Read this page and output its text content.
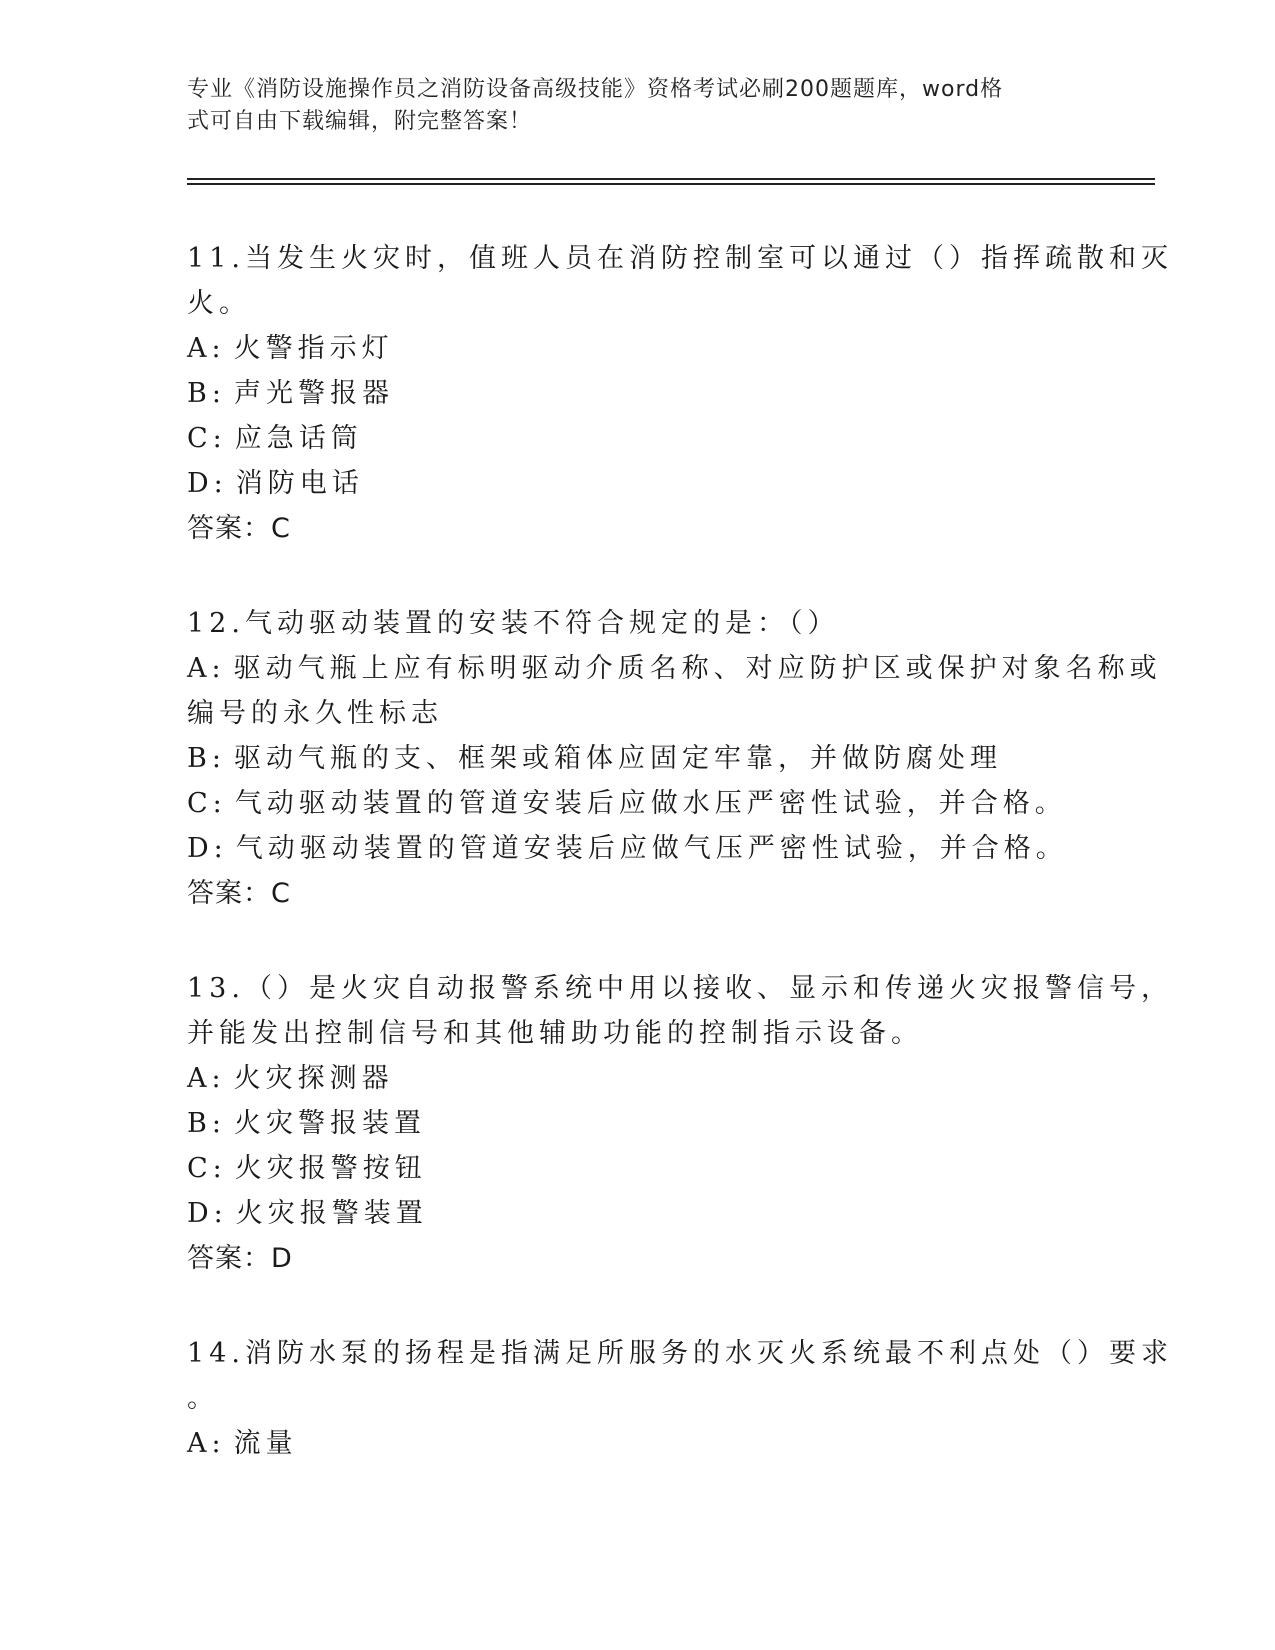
专业《消防设施操作员之消防设备高级技能》资格考试必刷200题题库，word格
式可自由下载编辑，附完整答案！
11.当发生火灾时，值班人员在消防控制室可以通过（）指挥疏散和灭
火。
A: 火警指示灯
B: 声光警报器
C: 应急话筒
D: 消防电话
答案：C
12.气动驱动装置的安装不符合规定的是：（）
A: 驱动气瓶上应有标明驱动介质名称、对应防护区或保护对象名称或
编号的永久性标志
B: 驱动气瓶的支、框架或箱体应固定牢靠，并做防腐处理
C: 气动驱动装置的管道安装后应做水压严密性试验，并合格。
D: 气动驱动装置的管道安装后应做气压严密性试验，并合格。
答案：C
13.（）是火灾自动报警系统中用以接收、显示和传递火灾报警信号，
并能发出控制信号和其他辅助功能的控制指示设备。
A: 火灾探测器
B: 火灾警报装置
C: 火灾报警按钮
D: 火灾报警装置
答案：D
14.消防水泵的扬程是指满足所服务的水灭火系统最不利点处（）要求
。
A: 流量
